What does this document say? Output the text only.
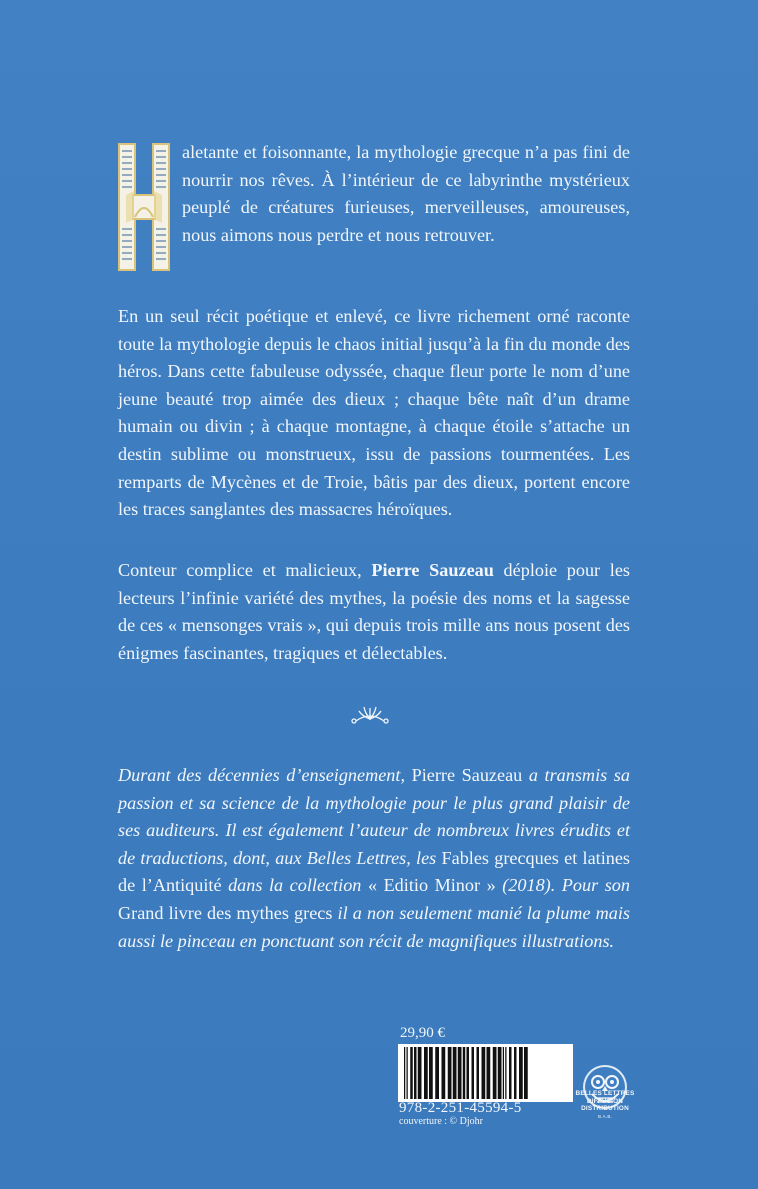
aletante et foisonnante, la mythologie grecque n’a pas fini de nourrir nos rêves. À l’intérieur de ce labyrinthe mystérieux peuplé de créatures furieuses, merveilleuses, amoureuses, nous aimons nous perdre et nous retrouver.
En un seul récit poétique et enlevé, ce livre richement orné raconte toute la mythologie depuis le chaos initial jusqu’à la fin du monde des héros. Dans cette fabuleuse odyssée, chaque fleur porte le nom d’une jeune beauté trop aimée des dieux ; chaque bête naît d’un drame humain ou divin ; à chaque montagne, à chaque étoile s’attache un destin sublime ou monstrueux, issu de passions tourmentées. Les remparts de Mycènes et de Troie, bâtis par des dieux, portent encore les traces sanglantes des massacres héroïques.
Conteur complice et malicieux, Pierre Sauzeau déploie pour les lecteurs l’infinie variété des mythes, la poésie des noms et la sagesse de ces « mensonges vrais », qui depuis trois mille ans nous posent des énigmes fascinantes, tragiques et délectables.
Durant des décennies d’enseignement, Pierre Sauzeau a transmis sa passion et sa science de la mythologie pour le plus grand plaisir de ses auditeurs. Il est également l’auteur de nombreux livres érudits et de traductions, dont, aux Belles Lettres, les Fables grecques et latines de l’Antiquité dans la collection « Editio Minor » (2018). Pour son Grand livre des mythes grecs il a non seulement manié la plume mais aussi le pinceau en ponctuant son récit de magnifiques illustrations.
29,90 €
978-2-251-45594-5
couverture : © Djohr
BELLES LETTRES
DIFFUSION
DISTRIBUTION
B.A.B.
